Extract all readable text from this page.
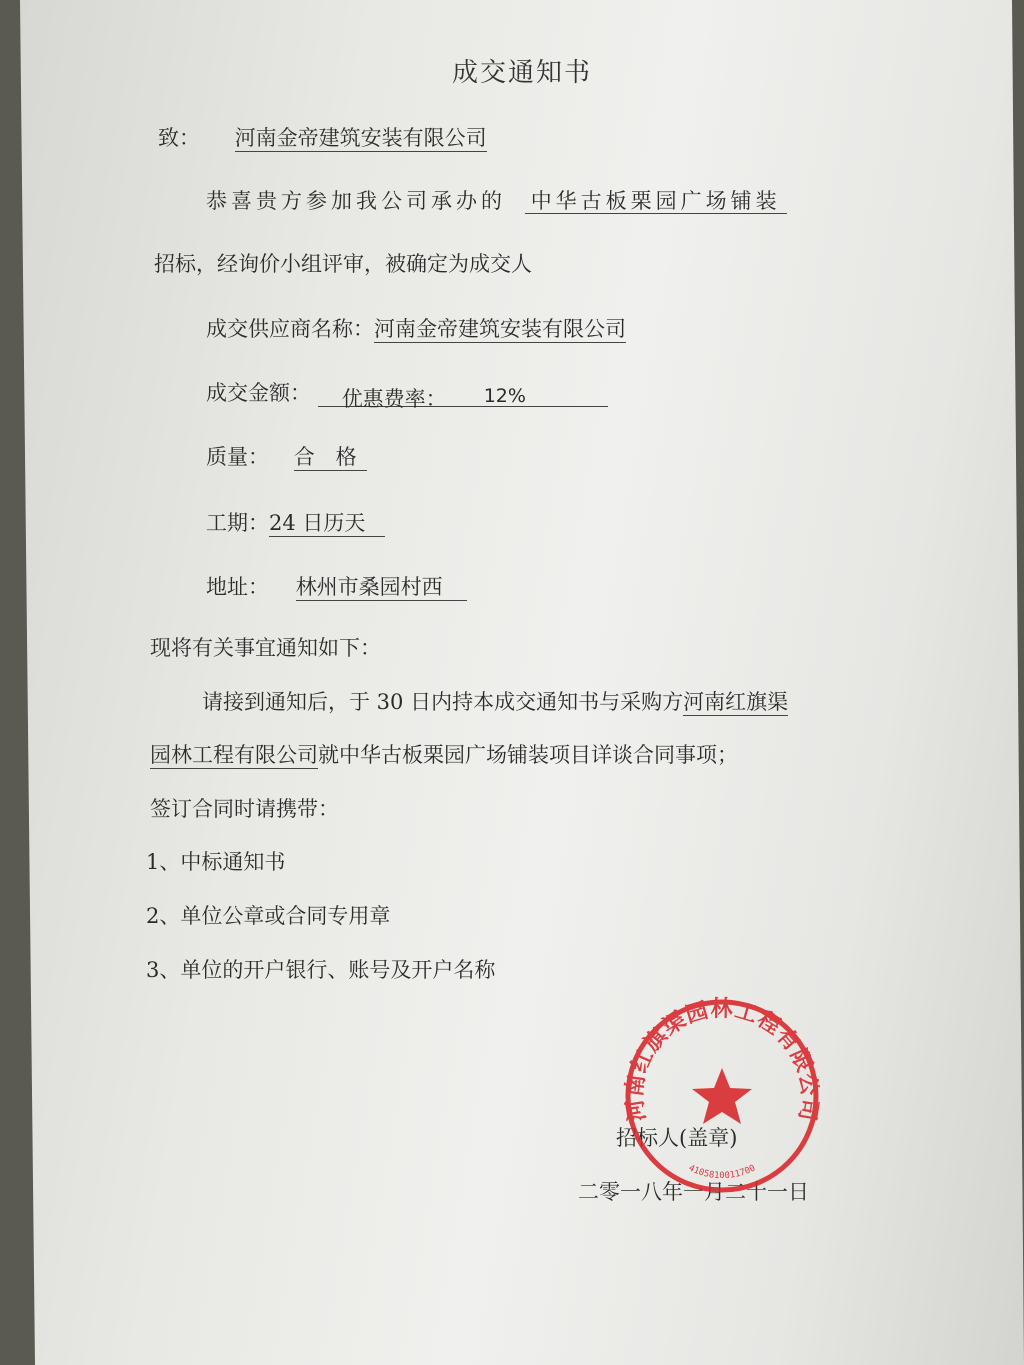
成交通知书
致： 河南金帝建筑安装有限公司
恭喜贵方参加我公司承办的 中华古板栗园广场铺装
招标，经询价小组评审，被确定为成交人
成交供应商名称：河南金帝建筑安装有限公司
成交金额： 优惠费率： 12%
质量： 合　格
工期：24 日历天
地址： 林州市桑园村西
现将有关事宜通知如下：
请接到通知后，于 30 日内持本成交通知书与采购方河南红旗渠
园林工程有限公司就中华古板栗园广场铺装项目详谈合同事项；
签订合同时请携带：
1、中标通知书
2、单位公章或合同专用章
3、单位的开户银行、账号及开户名称
招标人(盖章)
二零一八年一月二十一日
河南红旗渠园林工程有限公司
4105810011700
